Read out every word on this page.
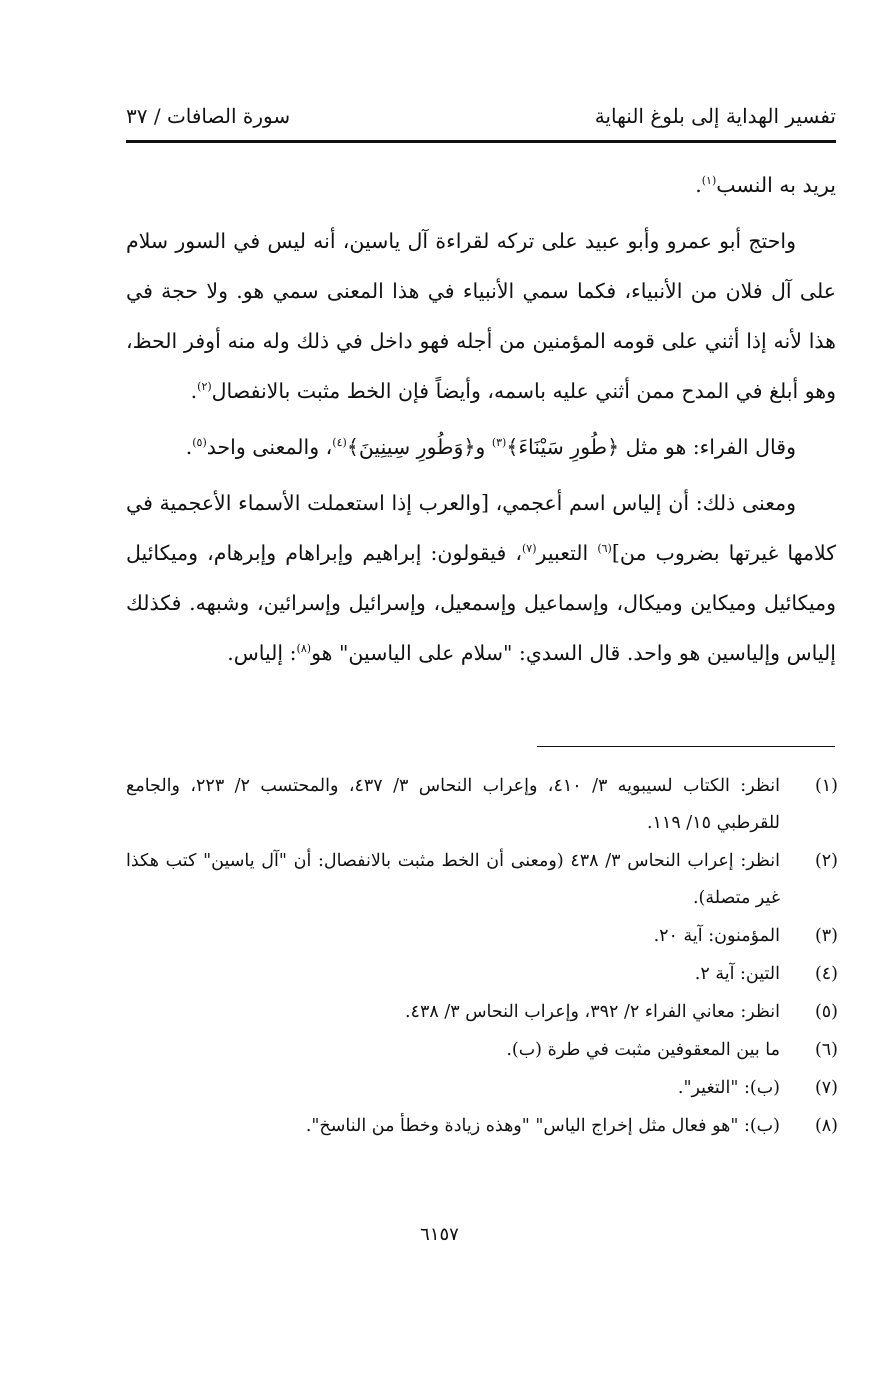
تفسير الهداية إلى بلوغ النهاية
سورة الصافات / ٣٧

يريد به النسب$^{(١)}$.

واحتج أبو عمرو وأبو عبيد على تركه لقراءة آل ياسين، أنه ليس في السور سلام على آل فلان من الأنبياء، فكما سمي الأنبياء في هذا المعنى سمي هو. ولا حجة في هذا لأنه إذا أثني على قومه المؤمنين من أجله فهو داخل في ذلك وله منه أوفر الحظ، وهو أبلغ في المدح ممن أثني عليه باسمه، وأيضاً فإن الخط مثبت بالانفصال$^{(٢)}$.

وقال الفراء: هو مثل ﴿طُورِ سَيْنَاءَ﴾$^{(٣)}$ و﴿وَطُورِ سِينِينَ﴾$^{(٤)}$، والمعنى واحد$^{(٥)}$.

ومعنى ذلك: أن إلياس اسم أعجمي، [والعرب إذا استعملت الأسماء الأعجمية في كلامها غيرتها بضروب من]$^{(٦)}$ التعبير$^{(٧)}$، فيقولون: إبراهيم وإبراهام وإبرهام، وميكائيل وميكائيل وميكاين وميكال، وإسماعيل وإسمعيل، وإسرائيل وإسرائين، وشبهه. فكذلك إلياس وإلياسين هو واحد. قال السدي: "سلام على الياسين" هو$^{(٨)}$: إلياس.

(١)
انظر: الكتاب لسيبويه ٣/ ٤١٠، وإعراب النحاس ٣/ ٤٣٧، والمحتسب ٢/ ٢٢٣، والجامع للقرطبي ١٥/ ١١٩.
(٢)
انظر: إعراب النحاس ٣/ ٤٣٨ (ومعنى أن الخط مثبت بالانفصال: أن "آل ياسين" كتب هكذا غير متصلة).
(٣)
المؤمنون: آية ٢٠.
(٤)
التين: آية ٢.
(٥)
انظر: معاني الفراء ٢/ ٣٩٢، وإعراب النحاس ٣/ ٤٣٨.
(٦)
ما بين المعقوفين مثبت في طرة (ب).
(٧)
(ب): "التغير".
(٨)
(ب): "هو فعال مثل إخراج الياس" "وهذه زيادة وخطأ من الناسخ".
٦١٥٧
